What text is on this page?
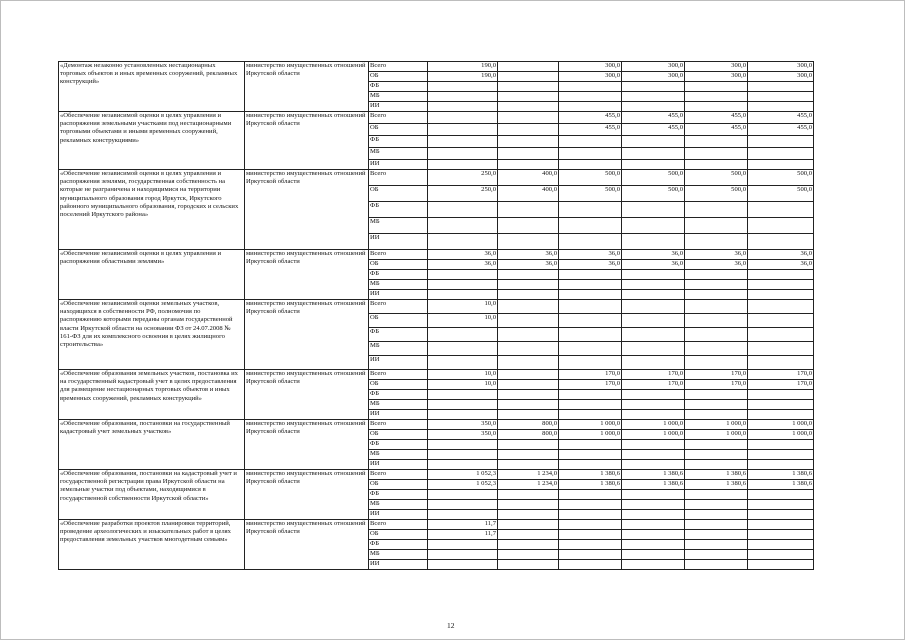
«Демонтаж незаконно установленных нестационарных торговых объектов и иных временных сооружений, рекламных конструкций»	министерство имущественных отношений Иркутской области	Всего	190,0		300,0	300,0	300,0	300,0
		ОБ	190,0		300,0	300,0	300,0	300,0
		ФБ						
		МБ						
		ИИ						
«Обеспечение независимой оценки в целях управления и распоряжения земельными участками под нестационарными торговыми объектами и иными временных сооружений, рекламных конструкциями»	министерство имущественных отношений Иркутской области	Всего			455,0	455,0	455,0	455,0
		ОБ			455,0	455,0	455,0	455,0
		ФБ						
		МБ						
		ИИ						
«Обеспечение независимой оценки в целях управления и распоряжения землями, государственная собственность на которые не разграничена и находящимися на территории муниципального образования город Иркутск, Иркутского районного муниципального образования, городских и сельских поселений Иркутского района»	министерство имущественных отношений Иркутской области	Всего	250,0	400,0	500,0	500,0	500,0	500,0
		ОБ	250,0	400,0	500,0	500,0	500,0	500,0
		ФБ						
		МБ						
		ИИ						
«Обеспечение независимой оценки в целях управления и распоряжения областными землями»	министерство имущественных отношений Иркутской области	Всего	36,0	36,0	36,0	36,0	36,0	36,0
		ОБ	36,0	36,0	36,0	36,0	36,0	36,0
		ФБ						
		МБ						
		ИИ						
«Обеспечение независимой оценки земельных участков, находящихся в собственности РФ, полномочия по распоряжению которыми переданы органам государственной власти Иркутской области на основании ФЗ от 24.07.2008 № 161-ФЗ для их комплексного освоения в целях жилищного строительства»	министерство имущественных отношений Иркутской области	Всего	10,0					
		ОБ	10,0					
		ФБ						
		МБ						
		ИИ						
«Обеспечение образования земельных участков, постановка их на государственный кадастровый учет в целях предоставления для размещение нестационарных торговых объектов и иных временных сооружений, рекламных конструкций»	министерство имущественных отношений Иркутской области	Всего	10,0		170,0	170,0	170,0	170,0
		ОБ	10,0		170,0	170,0	170,0	170,0
		ФБ						
		МБ						
		ИИ						
«Обеспечение образования, постановки на государственный кадастровый учет земельных участков»	министерство имущественных отношений Иркутской области	Всего	350,0	800,0	1 000,0	1 000,0	1 000,0	1 000,0
		ОБ	350,0	800,0	1 000,0	1 000,0	1 000,0	1 000,0
		ФБ						
		МБ						
		ИИ						
«Обеспечение образования, постановки на кадастровый учет и государственной регистрации права Иркутской области на земельные участки под объектами, находящимися в государственной собственности Иркутской области»	министерство имущественных отношений Иркутской области	Всего	1 052,3	1 234,0	1 380,6	1 380,6	1 380,6	1 380,6
		ОБ	1 052,3	1 234,0	1 380,6	1 380,6	1 380,6	1 380,6
		ФБ						
		МБ						
		ИИ						
«Обеспечение разработки проектов планировки территорий, проведение археологических и изыскательных работ в целях предоставления земельных участков многодетным семьям»	министерство имущественных отношений Иркутской области	Всего	11,7					
		ОБ	11,7					
		ФБ						
		МБ						
		ИИ						
12
